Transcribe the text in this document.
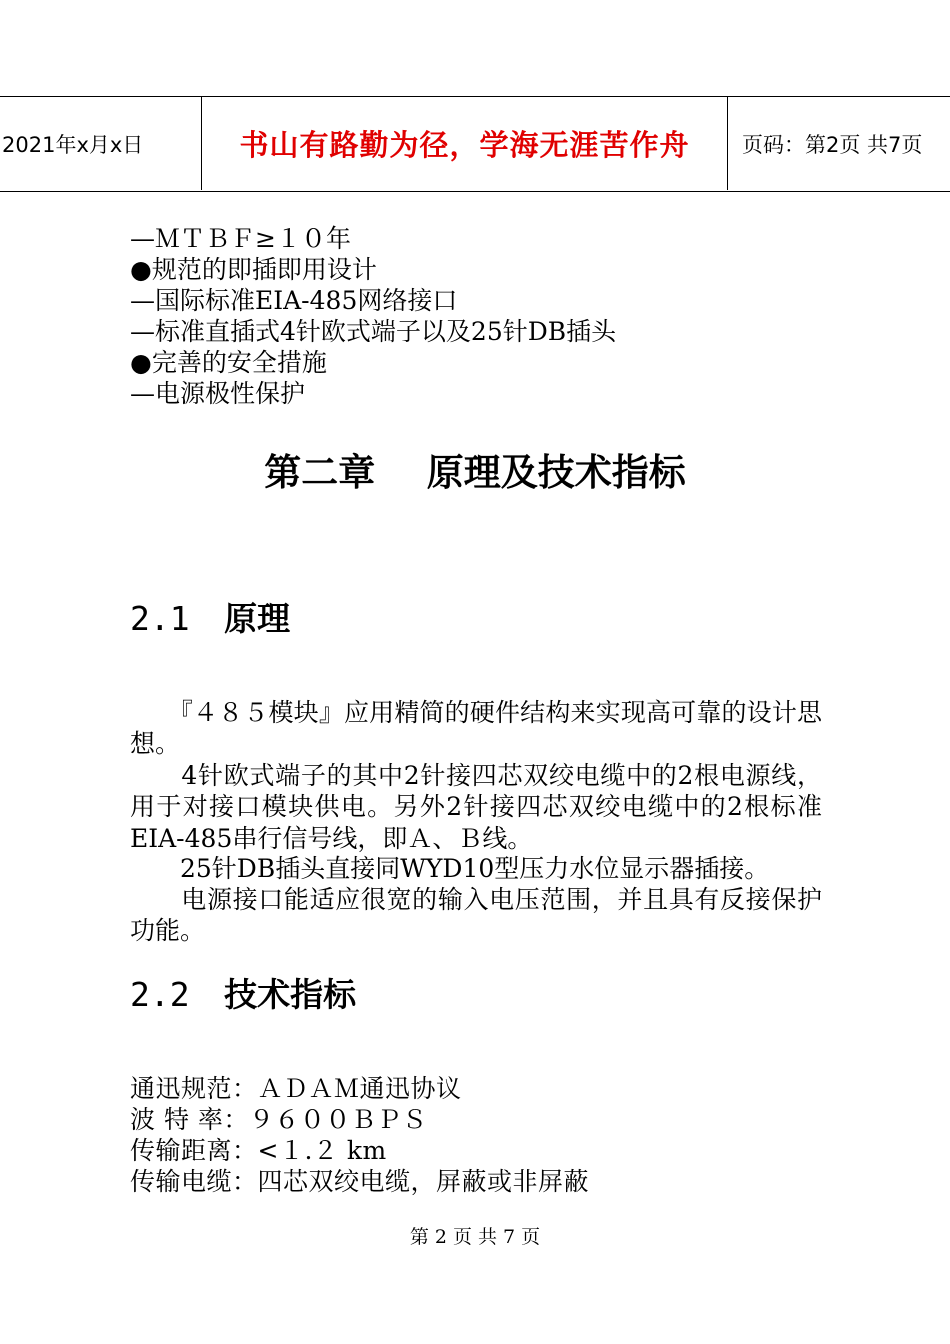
2021年x月x日	书山有路勤为径，学海无涯苦作舟	页码：第2页 共7页
—ＭＴＢＦ≥１０年
●规范的即插即用设计
—国际标准EIA-485网络接口
—标准直插式4针欧式端子以及25针DB插头
●完善的安全措施
—电源极性保护
第二章    原理及技术指标
2.1 原理
　　『４８５模块』应用精简的硬件结构来实现高可靠的设计思想。
　　4针欧式端子的其中2针接四芯双绞电缆中的2根电源线，用于对接口模块供电。另外2针接四芯双绞电缆中的2根标准EIA-485串行信号线，即Ａ、Ｂ线。
　　25针DB插头直接同WYD10型压力水位显示器插接。
　　电源接口能适应很宽的输入电压范围，并且具有反接保护功能。
2.2 技术指标
通迅规范：ＡＤＡＭ通迅协议
波 特 率：９６００ＢＰＳ
传输距离：<１.２ km
传输电缆：四芯双绞电缆，屏蔽或非屏蔽
第 2 页 共 7 页
